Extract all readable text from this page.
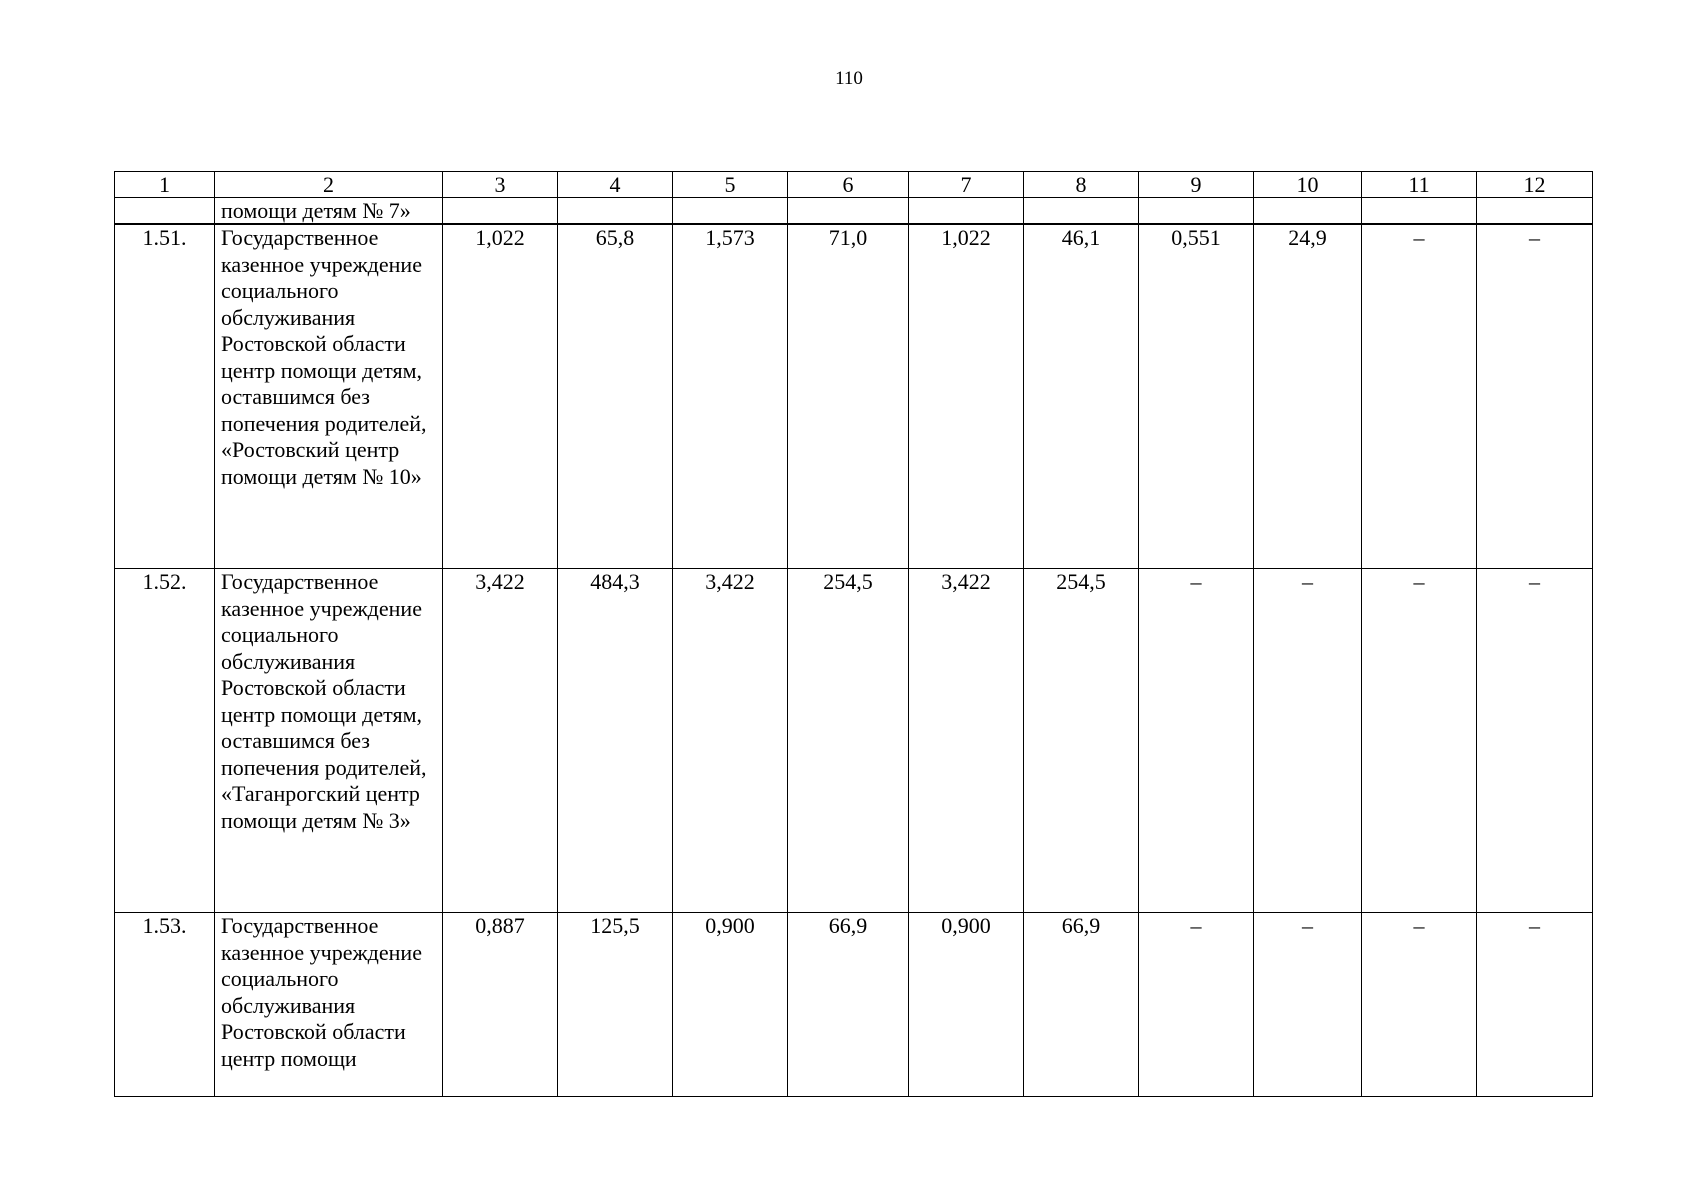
110
1	2	3	4	5	6	7	8	9	10	11	12
	помощи детям № 7»										
1.51.	Государственное казенное учреждение социального обслуживания Ростовской области центр помощи детям, оставшимся без попечения родителей, «Ростовский центр помощи детям № 10»	1,022	65,8	1,573	71,0	1,022	46,1	0,551	24,9	–	–
1.52.	Государственное казенное учреждение социального обслуживания Ростовской области центр помощи детям, оставшимся без попечения родителей, «Таганрогский центр помощи детям № 3»	3,422	484,3	3,422	254,5	3,422	254,5	–	–	–	–
1.53.	Государственное казенное учреждение социального обслуживания Ростовской области центр помощи	0,887	125,5	0,900	66,9	0,900	66,9	–	–	–	–
